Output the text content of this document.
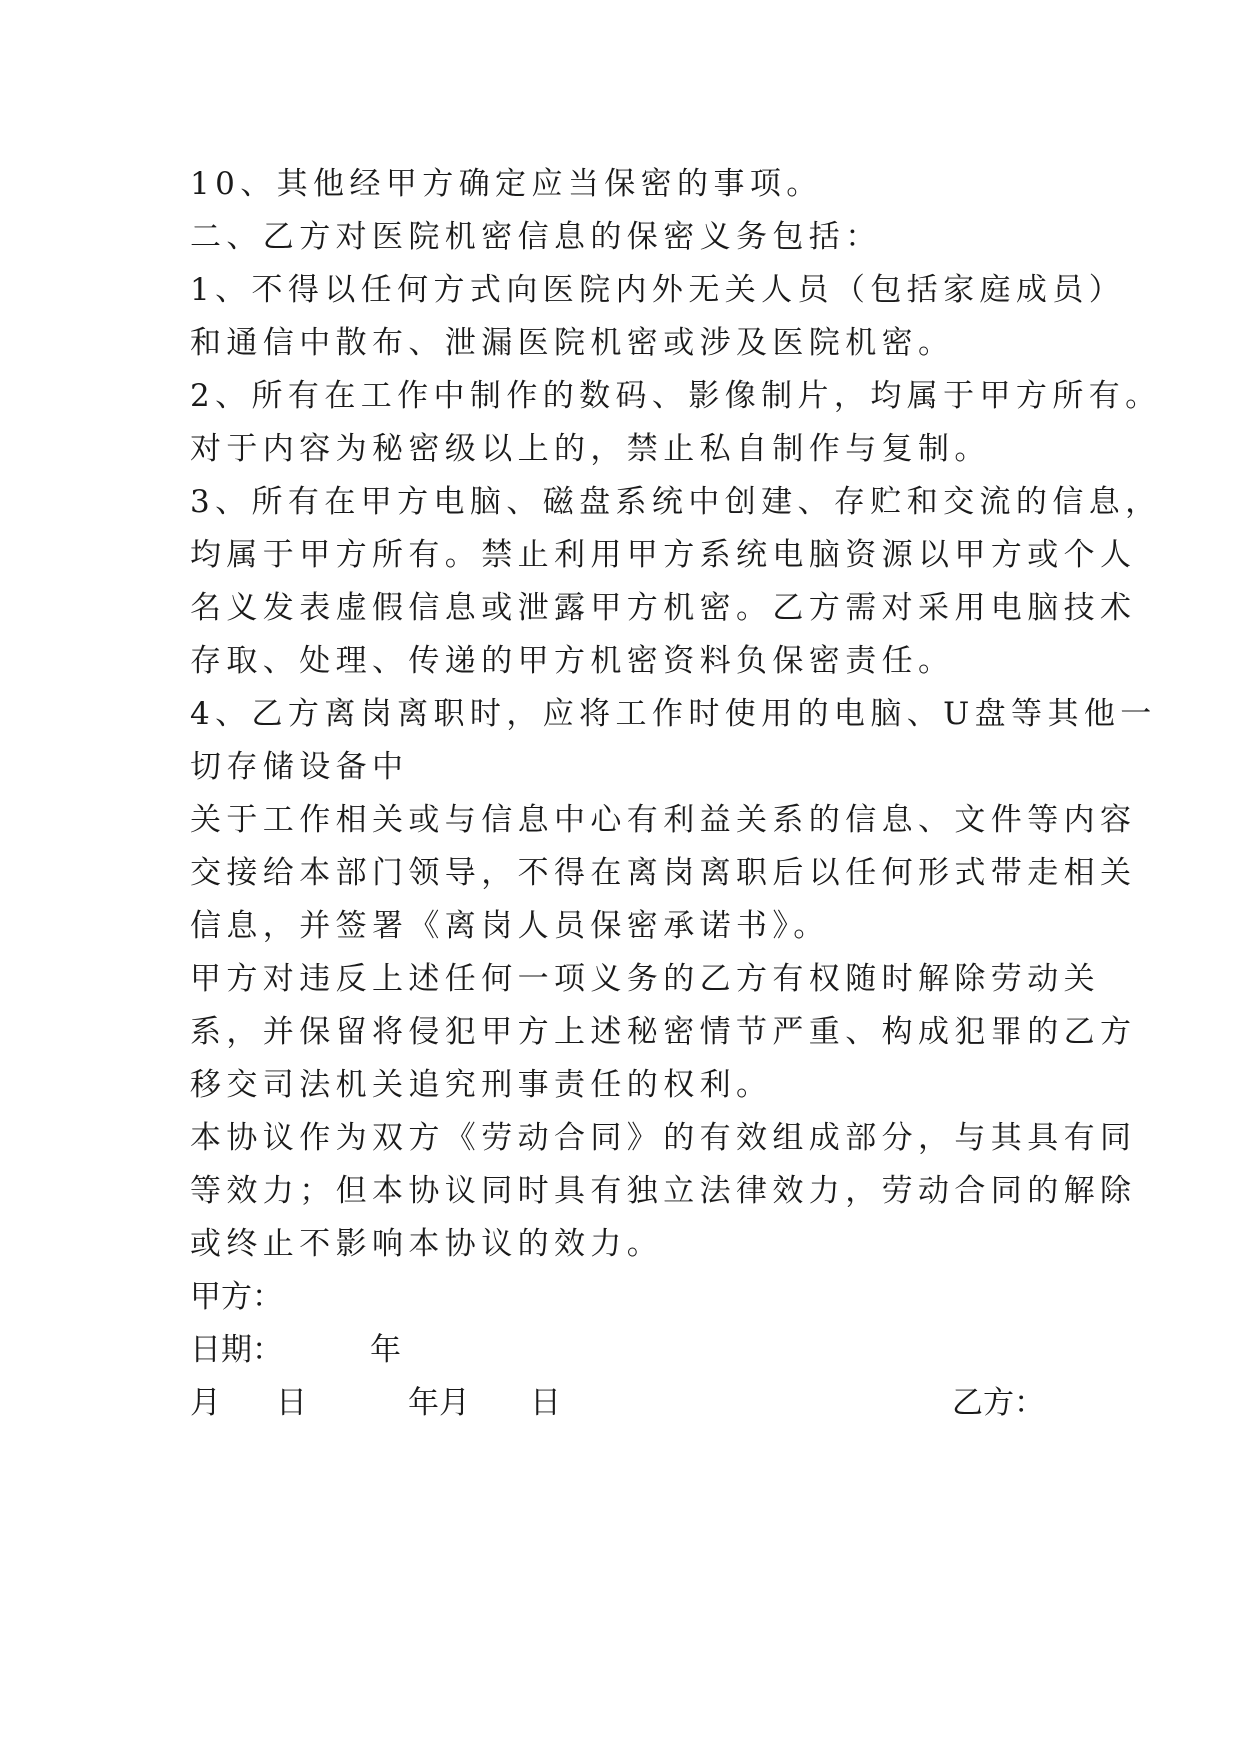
10、其他经甲方确定应当保密的事项。
二、乙方对医院机密信息的保密义务包括：
1、不得以任何方式向医院内外无关人员（包括家庭成员）
和通信中散布、泄漏医院机密或涉及医院机密。
2、所有在工作中制作的数码、影像制片，均属于甲方所有。
对于内容为秘密级以上的，禁止私自制作与复制。
3、所有在甲方电脑、磁盘系统中创建、存贮和交流的信息，
均属于甲方所有。禁止利用甲方系统电脑资源以甲方或个人
名义发表虚假信息或泄露甲方机密。乙方需对采用电脑技术
存取、处理、传递的甲方机密资料负保密责任。
4、乙方离岗离职时，应将工作时使用的电脑、U盘等其他一
切存储设备中
关于工作相关或与信息中心有利益关系的信息、文件等内容
交接给本部门领导，不得在离岗离职后以任何形式带走相关
信息，并签署《离岗人员保密承诺书》。
甲方对违反上述任何一项义务的乙方有权随时解除劳动关
系，并保留将侵犯甲方上述秘密情节严重、构成犯罪的乙方
移交司法机关追究刑事责任的权利。
本协议作为双方《劳动合同》的有效组成部分，与其具有同
等效力；但本协议同时具有独立法律效力，劳动合同的解除
或终止不影响本协议的效力。
甲方：
日期：	年
月 日	年月 日	乙方：
